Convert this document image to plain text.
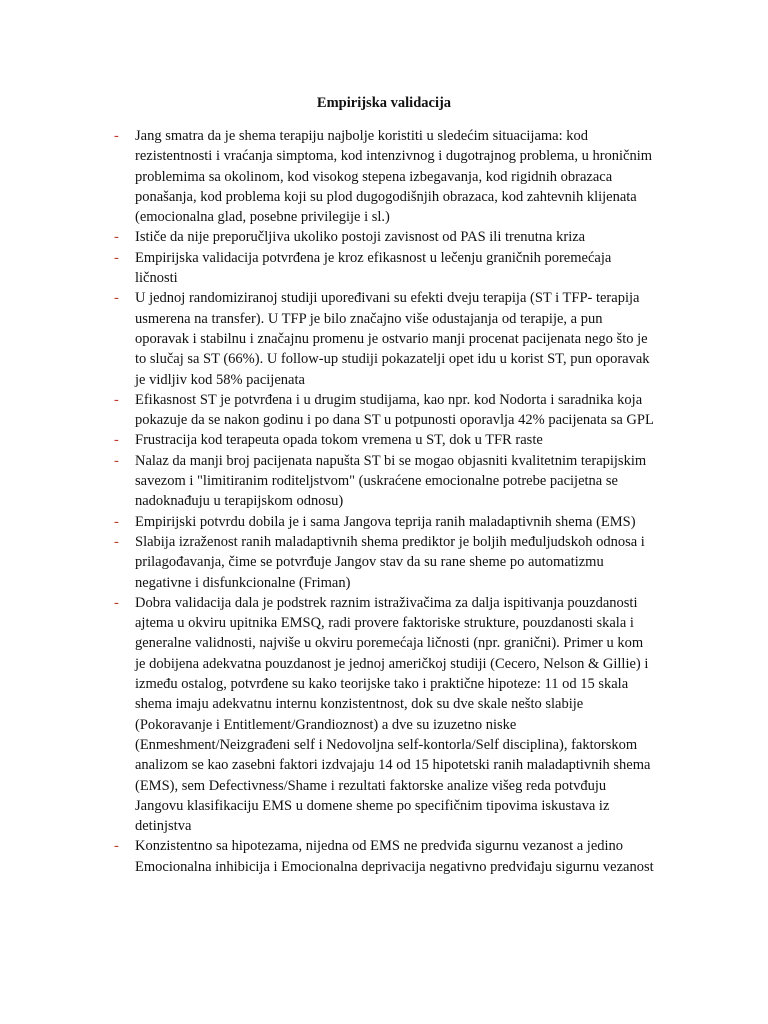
Empirijska validacija
- Jang smatra da je shema terapiju najbolje koristiti u sledećim situacijama: kod
rezistentnosti i vraćanja simptoma, kod intenzivnog i dugotrajnog problema, u hroničnim
problemima sa okolinom, kod visokog stepena izbegavanja, kod rigidnih obrazaca
ponašanja, kod problema koji su plod dugogodišnjih obrazaca, kod zahtevnih klijenata
(emocionalna glad, posebne privilegije i sl.)
- Ističe da nije preporučljiva ukoliko postoji zavisnost od PAS ili trenutna kriza
- Empirijska validacija potvrđena je kroz efikasnost u lečenju graničnih poremećaja
ličnosti
- U jednoj randomiziranoj studiji upoređivani su efekti dveju terapija (ST i TFP- terapija
usmerena na transfer). U TFP je bilo značajno više odustajanja od terapije, a pun
oporavak i stabilnu i značajnu promenu je ostvario manji procenat pacijenata nego što je
to slučaj sa ST (66%). U follow-up studiji pokazatelji opet idu u korist ST, pun oporavak
je vidljiv kod 58% pacijenata
- Efikasnost ST je potvrđena i u drugim studijama, kao npr. kod Nodorta i saradnika koja
pokazuje da se nakon godinu i po dana ST u potpunosti oporavlja 42% pacijenata sa GPL
- Frustracija kod terapeuta opada tokom vremena u ST, dok u TFR raste
- Nalaz da manji broj pacijenata napušta ST bi se mogao objasniti kvalitetnim terapijskim
savezom i "limitiranim roditeljstvom" (uskraćene emocionalne potrebe pacijetna se
nadoknađuju u terapijskom odnosu)
- Empirijski potvrdu dobila je i sama Jangova teprija ranih maladaptivnih shema (EMS)
- Slabija izraženost ranih maladaptivnih shema prediktor je boljih međuljudskoh odnosa i
prilagođavanja, čime se potvrđuje Jangov stav da su rane sheme po automatizmu
negativne i disfunkcionalne (Friman)
- Dobra validacija dala je podstrek raznim istraživačima za dalja ispitivanja pouzdanosti
ajtema u okviru upitnika EMSQ, radi provere faktoriske strukture, pouzdanosti skala i
generalne validnosti, najviše u okviru poremećaja ličnosti (npr. granični). Primer u kom
je dobijena adekvatna pouzdanost je jednoj američkoj studiji (Cecero, Nelson & Gillie) i
između ostalog, potvrđene su kako teorijske tako i praktične hipoteze: 11 od 15 skala
shema imaju adekvatnu internu konzistentnost, dok su dve skale nešto slabije
(Pokoravanje i Entitlement/Grandioznost) a dve su izuzetno niske
(Enmeshment/Neizgrađeni self i Nedovoljna self-kontorla/Self disciplina), faktorskom
analizom se kao zasebni faktori izdvajaju 14 od 15 hipotetski ranih maladaptivnih shema
(EMS), sem Defectivness/Shame i rezultati faktorske analize višeg reda potvđuju
Jangovu klasifikaciju EMS u domene sheme po specifičnim tipovima iskustava iz
detinjstva
- Konzistentno sa hipotezama, nijedna od EMS ne predviđa sigurnu vezanost a jedino
Emocionalna inhibicija i Emocionalna deprivacija negativno predviđaju sigurnu vezanost
